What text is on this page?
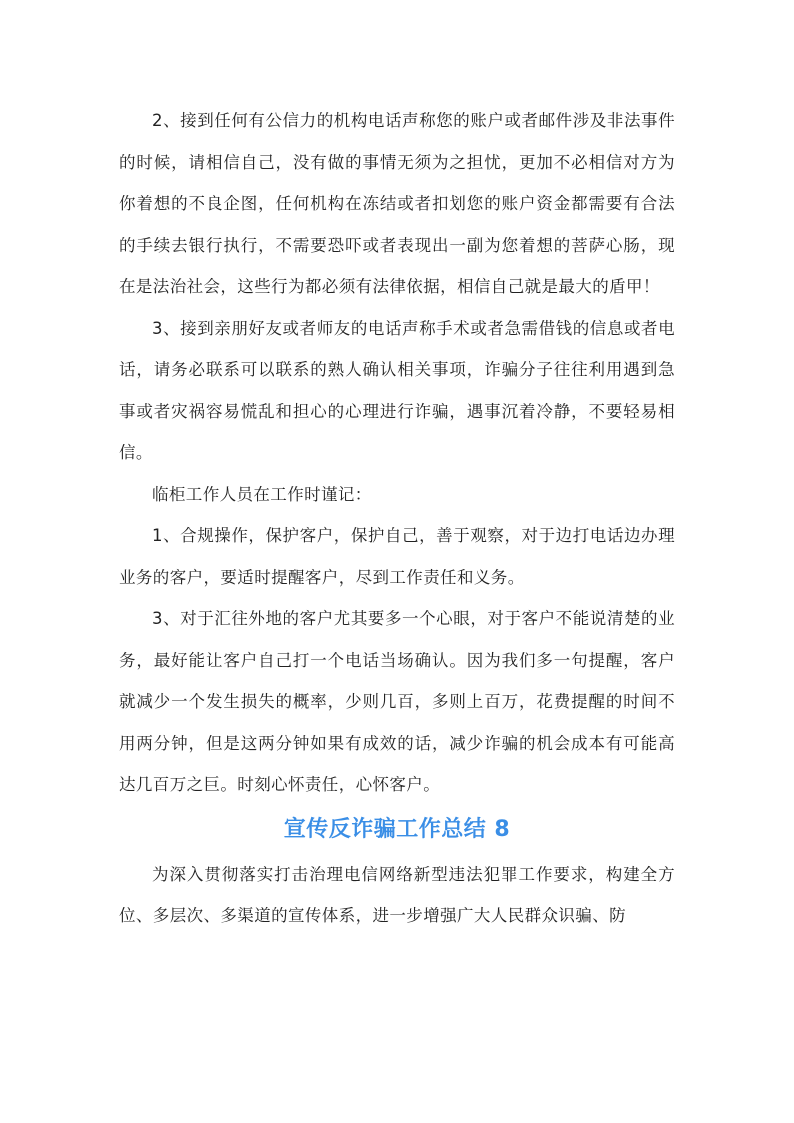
2、接到任何有公信力的机构电话声称您的账户或者邮件涉及非法事件的时候，请相信自己，没有做的事情无须为之担忧，更加不必相信对方为你着想的不良企图，任何机构在冻结或者扣划您的账户资金都需要有合法的手续去银行执行，不需要恐吓或者表现出一副为您着想的菩萨心肠，现在是法治社会，这些行为都必须有法律依据，相信自己就是最大的盾甲！

3、接到亲朋好友或者师友的电话声称手术或者急需借钱的信息或者电话，请务必联系可以联系的熟人确认相关事项，诈骗分子往往利用遇到急事或者灾祸容易慌乱和担心的心理进行诈骗，遇事沉着冷静，不要轻易相信。

临柜工作人员在工作时谨记：

1、合规操作，保护客户，保护自己，善于观察，对于边打电话边办理业务的客户，要适时提醒客户，尽到工作责任和义务。

3、对于汇往外地的客户尤其要多一个心眼，对于客户不能说清楚的业务，最好能让客户自己打一个电话当场确认。因为我们多一句提醒，客户就减少一个发生损失的概率，少则几百，多则上百万，花费提醒的时间不用两分钟，但是这两分钟如果有成效的话，减少诈骗的机会成本有可能高达几百万之巨。时刻心怀责任，心怀客户。

宣传反诈骗工作总结 8

为深入贯彻落实打击治理电信网络新型违法犯罪工作要求，构建全方位、多层次、多渠道的宣传体系，进一步增强广大人民群众识骗、防
